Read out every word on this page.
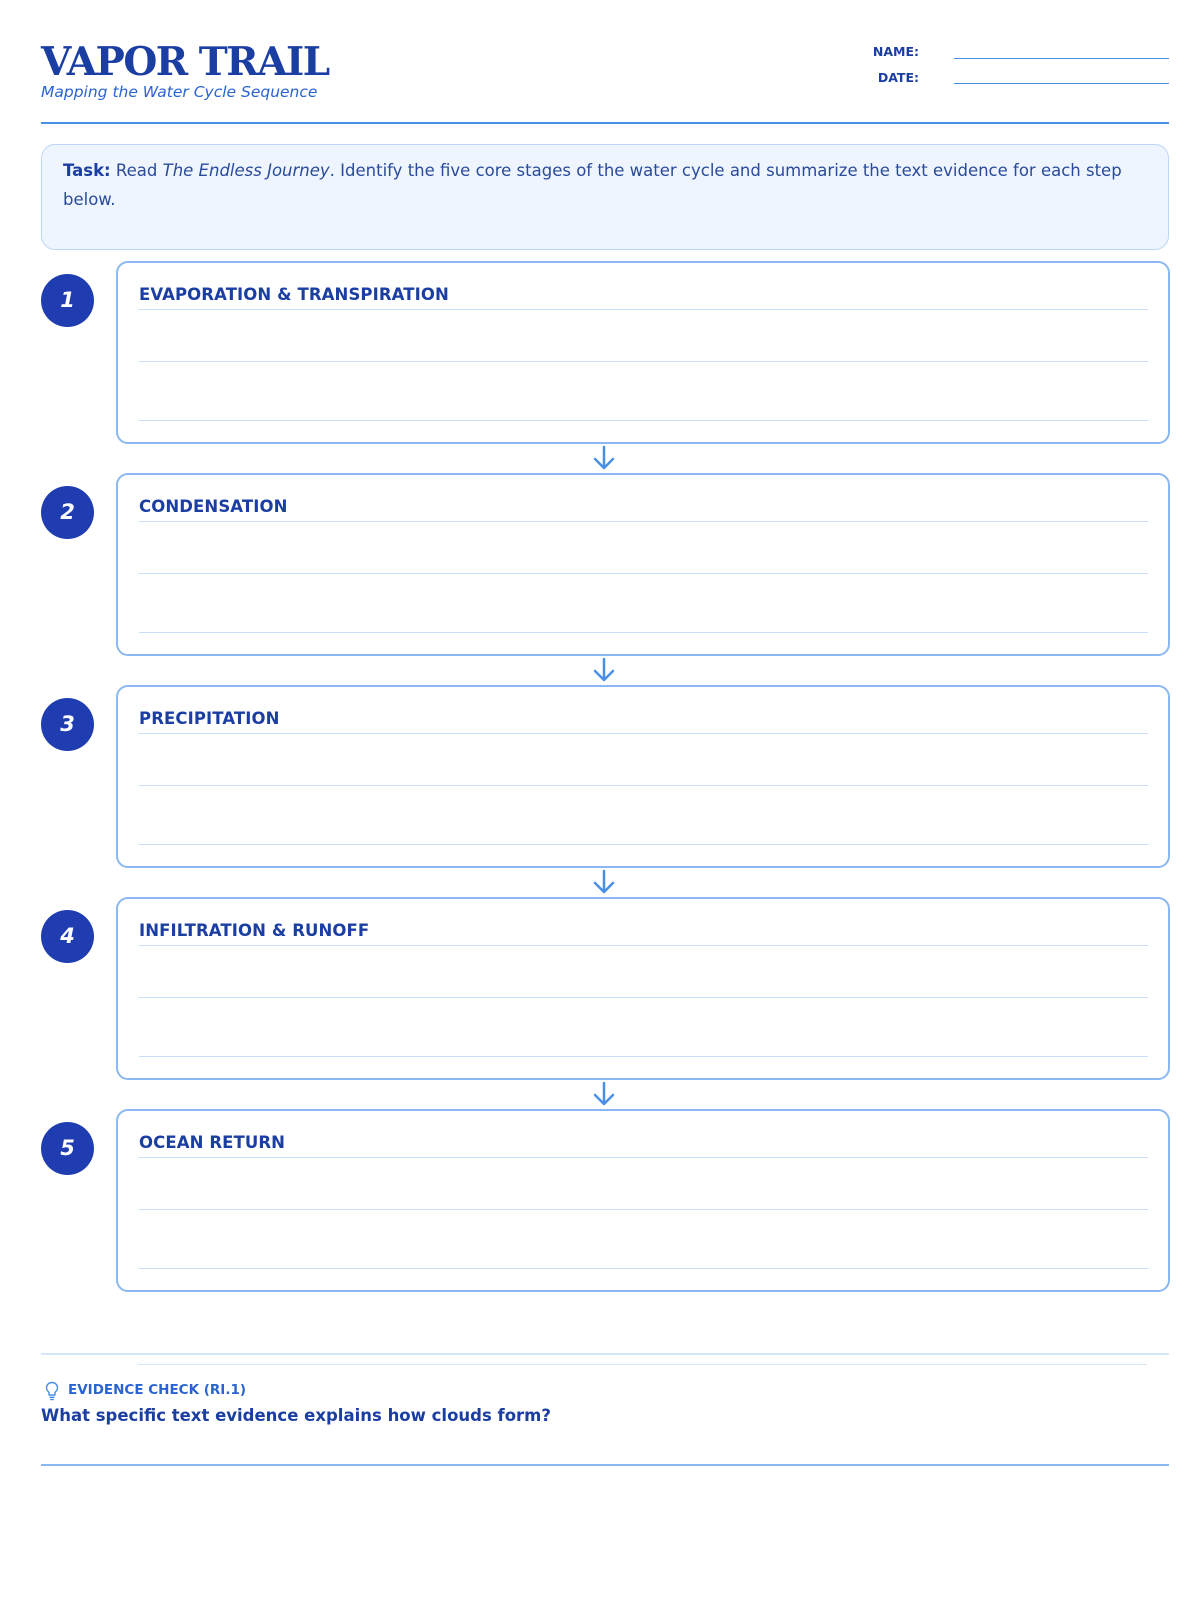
VAPOR TRAIL
Mapping the Water Cycle Sequence
NAME:
DATE:
Task: Read The Endless Journey. Identify the five core stages of the water cycle and summarize the text evidence for each step below.
1	EVAPORATION & TRANSPIRATION
2	CONDENSATION
3	PRECIPITATION
4	INFILTRATION & RUNOFF
5	OCEAN RETURN
EVIDENCE CHECK (RI.1)
What specific text evidence explains how clouds form?
